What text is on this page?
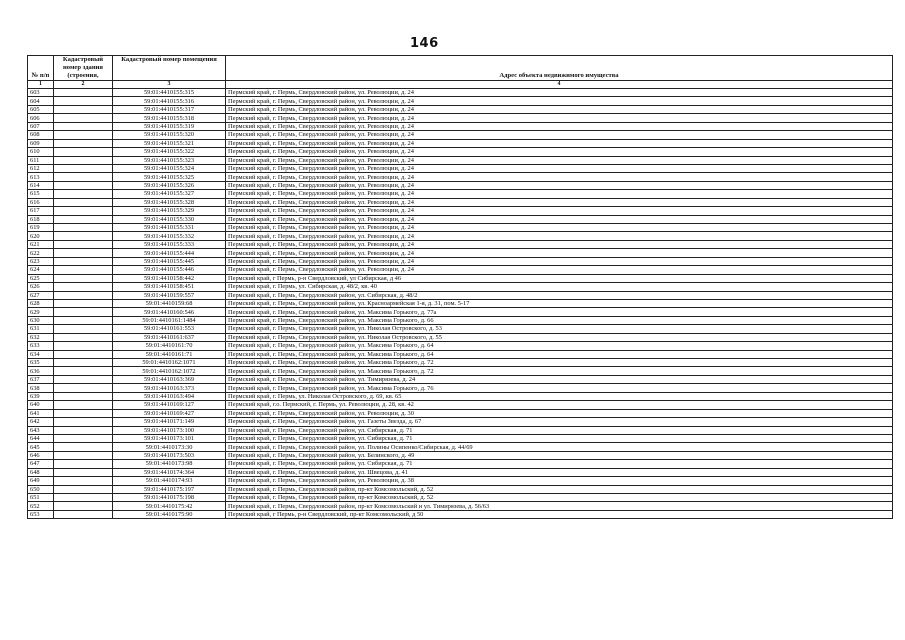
146
№ п/п	Кадастровый номер здания (строения,	Кадастровый номер помещения	Адрес объекта недвижимого имущества
1	2	3	4
603		59:01:4410155:315	Пермский край, г. Пермь, Свердловский район, ул. Революции, д. 24
604		59:01:4410155:316	Пермский край, г. Пермь, Свердловский район, ул. Революции, д. 24
605		59:01:4410155:317	Пермский край, г. Пермь, Свердловский район, ул. Революции, д. 24
606		59:01:4410155:318	Пермский край, г. Пермь, Свердловский район, ул. Революции, д. 24
607		59:01:4410155:319	Пермский край, г. Пермь, Свердловский район, ул. Революции, д. 24
608		59:01:4410155:320	Пермский край, г. Пермь, Свердловский район, ул. Революции, д. 24
609		59:01:4410155:321	Пермский край, г. Пермь, Свердловский район, ул. Революции, д. 24
610		59:01:4410155:322	Пермский край, г. Пермь, Свердловский район, ул. Революции, д. 24
611		59:01:4410155:323	Пермский край, г. Пермь, Свердловский район, ул. Революции, д. 24
612		59:01:4410155:324	Пермский край, г. Пермь, Свердловский район, ул. Революции, д. 24
613		59:01:4410155:325	Пермский край, г. Пермь, Свердловский район, ул. Революции, д. 24
614		59:01:4410155:326	Пермский край, г. Пермь, Свердловский район, ул. Революции, д. 24
615		59:01:4410155:327	Пермский край, г. Пермь, Свердловский район, ул. Революции, д. 24
616		59:01:4410155:328	Пермский край, г. Пермь, Свердловский район, ул. Революции, д. 24
617		59:01:4410155:329	Пермский край, г. Пермь, Свердловский район, ул. Революции, д. 24
618		59:01:4410155:330	Пермский край, г. Пермь, Свердловский район, ул. Революции, д. 24
619		59:01:4410155:331	Пермский край, г. Пермь, Свердловский район, ул. Революции, д. 24
620		59:01:4410155:332	Пермский край, г. Пермь, Свердловский район, ул. Революции, д. 24
621		59:01:4410155:333	Пермский край, г. Пермь, Свердловский район, ул. Революции, д. 24
622		59:01:4410155:444	Пермский край, г. Пермь, Свердловский район, ул. Революции, д. 24
623		59:01:4410155:445	Пермский край, г. Пермь, Свердловский район, ул. Революции, д. 24
624		59:01:4410155:446	Пермский край, г. Пермь, Свердловский район, ул. Революции, д. 24
625		59:01:4410158:442	Пермский край, г Пермь, р-н Свердловский, ул Сибирская, д 46
626		59:01:4410158:451	Пермский край, г. Пермь, ул. Сибирская, д. 48/2, кв. 40
627		59:01:4410159:557	Пермский край, г. Пермь, Свердловский район, ул. Сибирская, д. 48/2
628		59:01:4410159:68	Пермский край, г. Пермь, Свердловский район, ул. Красноармейская 1-я, д. 31, пом. 5-17
629		59:01:4410160:546	Пермский край, г. Пермь, Свердловский район, ул. Максима Горького, д. 77а
630		59:01:4410161:1484	Пермский край, г. Пермь, Свердловский район, ул. Максима Горького, д. 66
631		59:01:4410161:553	Пермский край, г. Пермь, Свердловский район, ул. Николая Островского, д. 53
632		59:01:4410161:637	Пермский край, г. Пермь, Свердловский район, ул. Николая Островского, д. 55
633		59:01:4410161:70	Пермский край, г. Пермь, Свердловский район, ул. Максима Горького, д. 64
634		59:01:4410161:71	Пермский край, г. Пермь, Свердловский район, ул. Максима Горького, д. 64
635		59:01:4410162:1071	Пермский край, г. Пермь, Свердловский район, ул. Максима Горького, д. 72
636		59:01:4410162:1072	Пермский край, г. Пермь, Свердловский район, ул. Максима Горького, д. 72
637		59:01:4410163:369	Пермский край, г. Пермь, Свердловский район, ул. Тимирязева, д. 24
638		59:01:4410163:373	Пермский край, г. Пермь, Свердловский район, ул. Максима Горького, д. 76
639		59:01:4410163:494	Пермский край, г. Пермь, ул. Николая Островского, д. 69, кв. 65
640		59:01:4410169:127	Пермский край, г.о. Пермский, г. Пермь, ул. Революции, д. 28, кв. 42
641		59:01:4410169:427	Пермский край, г. Пермь, Свердловский район, ул. Революции, д. 30
642		59:01:4410171:149	Пермский край, г. Пермь, Свердловский район, ул. Газеты Звезда, д. 67
643		59:01:4410173:100	Пермский край, г. Пермь, Свердловский район, ул. Сибирская, д. 71
644		59:01:4410173:101	Пермский край, г. Пермь, Свердловский район, ул. Сибирская, д. 71
645		59:01:4410173:30	Пермский край, г. Пермь, Свердловский район, ул. Полины Осипенко/Сибирская, д. 44/69
646		59:01:4410173:503	Пермский край, г. Пермь, Свердловский район, ул. Белинского, д. 49
647		59:01:4410173:98	Пермский край, г. Пермь, Свердловский район, ул. Сибирская, д. 71
648		59:01:4410174:364	Пермский край, г. Пермь, Свердловский район, ул. Швецова, д. 41
649		59:01:4410174:93	Пермский край, г. Пермь, Свердловский район, ул. Революции, д. 38
650		59:01:4410175:197	Пермский край, г. Пермь, Свердловский район, пр-кт Комсомольский, д. 52
651		59:01:4410175:198	Пермский край, г. Пермь, Свердловский район, пр-кт Комсомольский, д. 52
652		59:01:4410175:42	Пермский край, г. Пермь, Свердловский район, пр-кт Комсомольский и ул. Тимирязева, д. 56/63
653		59:01:4410175:90	Пермский край, г Пермь, р-н Свердловский, пр-кт Комсомольский, д 50
